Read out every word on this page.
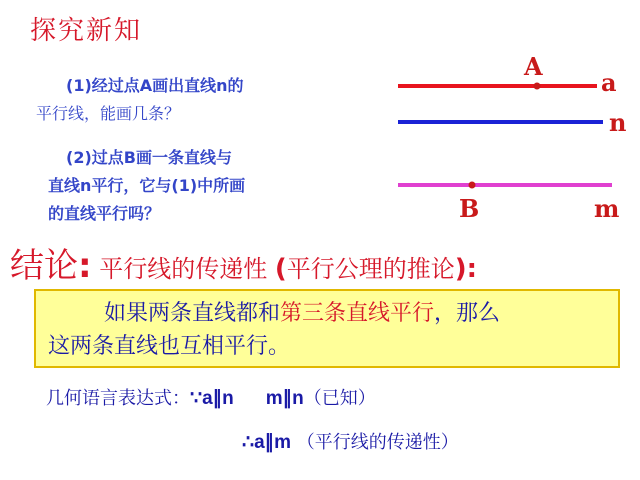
探究新知
(1)经过点A画出直线n的
平行线，能画几条？
(2)过点B画一条直线与
直线n平行，它与(1)中所画
的直线平行吗？
A
a
n
B	m
结论: 平行线的传递性 (平行公理的推论):
如果两条直线都和第三条直线平行，那么
这两条直线也互相平行。
几何语言表达式：∵a∥n m∥n（已知）
∴a∥m （平行线的传递性）
